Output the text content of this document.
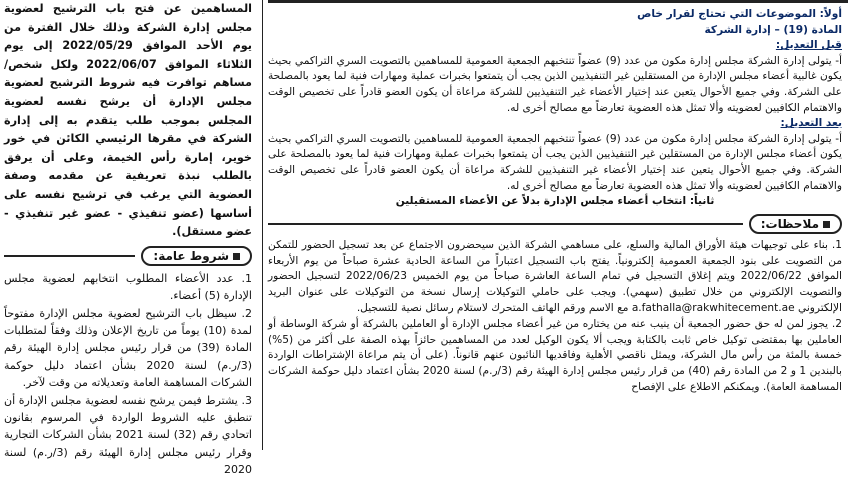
أولاً: الموضوعات التي تحتاج لقرار خاص

المادة (19) – إدارة الشركة

قبل التعديل:

أ- يتولى إدارة الشركة مجلس إدارة مكون من عدد (9) عضواً تنتخبهم الجمعية العمومية للمساهمين بالتصويت السري التراكمي بحيث يكون غالبية أعضاء مجلس الإدارة من المستقلين غير التنفيذيين الذين يجب أن يتمتعوا بخبرات عملية ومهارات فنية لما يعود بالمصلحة على الشركة. وفي جميع الأحوال يتعين عند إختيار الأعضاء غير التنفيذيين للشركة مراعاة أن يكون العضو قادراً على تخصيص الوقت والاهتمام الكافيين لعضويته وألا تمثل هذه العضوية تعارضاً مع مصالح أخرى له.

بعد التعديل:

أ- يتولى إدارة الشركة مجلس إدارة مكون من عدد (9) عضواً تنتخبهم الجمعية العمومية للمساهمين بالتصويت السري التراكمي بحيث يكون أعضاء مجلس الإدارة من المستقلين غير التنفيذيين الذين يجب أن يتمتعوا بخبرات عملية ومهارات فنية لما يعود بالمصلحة على الشركة. وفي جميع الأحوال يتعين عند إختيار الأعضاء غير التنفيذيين للشركة مراعاة أن يكون العضو قادراً على تخصيص الوقت والاهتمام الكافيين لعضويته وألا تمثل هذه العضوية تعارضاً مع مصالح أخرى له.

ثانياً: انتخاب أعضاء مجلس الإدارة بدلاً عن الأعضاء المستقيلين

ملاحظات:
1. بناء على توجيهات هيئة الأوراق المالية والسلع، على مساهمي الشركة الذين سيحضرون الاجتماع عن بعد تسجيل الحضور للتمكن من التصويت على بنود الجمعية العمومية إلكترونياً. يفتح باب التسجيل اعتباراً من الساعة الحادية عشرة صباحاً من يوم الأربعاء الموافق 2022/06/22 ويتم إغلاق التسجيل في تمام الساعة العاشرة صباحاً من يوم الخميس 2022/06/23 لتسجيل الحضور والتصويت الإلكتروني من خلال تطبيق (سهمي). ويجب على حاملي التوكيلات إرسال نسخة من التوكيلات على عنوان البريد الإلكتروني a.fathalla@rakwhitecement.ae مع الاسم ورقم الهاتف المتحرك لاستلام رسائل نصية للتسجيل.
2. يجوز لمن له حق حضور الجمعية أن ينيب عنه من يختاره من غير أعضاء مجلس الإدارة أو العاملين بالشركة أو شركة الوساطة أو العاملين بها بمقتضى توكيل خاص ثابت بالكتابة ويجب ألا يكون الوكيل لعدد من المساهمين حائزاً بهذه الصفة على أكثر من (5%) خمسة بالمئة من رأس مال الشركة، ويمثل ناقصي الأهلية وفاقديها النائبون عنهم قانوناً. (على أن يتم مراعاة الإشتراطات الواردة بالبندين 1 و 2 من المادة رقم (40) من قرار رئيس مجلس إدارة الهيئة رقم (3/ر.م) لسنة 2020 بشأن اعتماد دليل حوكمة الشركات المساهمة العامة). ويمكنكم الاطلاع على الإفصاح

المساهمين عن فتح باب الترشيح لعضوية مجلس إدارة الشركة وذلك خلال الفترة من يوم الأحد الموافق 2022/05/29 إلى يوم الثلاثاء الموافق 2022/06/07 ولكل شخص/ مساهم توافرت فيه شروط الترشيح لعضوية مجلس الإدارة أن يرشح نفسه لعضوية المجلس بموجب طلب يتقدم به إلى إدارة الشركة في مقرها الرئيسي الكائن في خور خوير، إمارة رأس الخيمة، وعلى أن يرفق بالطلب نبذة تعريفية عن مقدمه وصفة العضوية التي يرغب في ترشيح نفسه على أساسها (عضو تنفيذي - عضو غير تنفيذي - عضو مستقل).

شروط عامة:
1. عدد الأعضاء المطلوب انتخابهم لعضوية مجلس الإدارة (5) أعضاء.
2. سيظل باب الترشيح لعضوية مجلس الإدارة مفتوحاً لمدة (10) يوماً من تاريخ الإعلان وذلك وفقاً لمتطلبات المادة (39) من قرار رئيس مجلس إدارة الهيئة رقم (3/ر.م) لسنة 2020 بشأن اعتماد دليل حوكمة الشركات المساهمة العامة وتعديلاته من وقت لآخر.
3. يشترط فيمن يرشح نفسه لعضوية مجلس الإدارة أن تنطبق عليه الشروط الواردة في المرسوم بقانون اتحادي رقم (32) لسنة 2021 بشأن الشركات التجارية وقرار رئيس مجلس إدارة الهيئة رقم (3/ر.م) لسنة 2020
